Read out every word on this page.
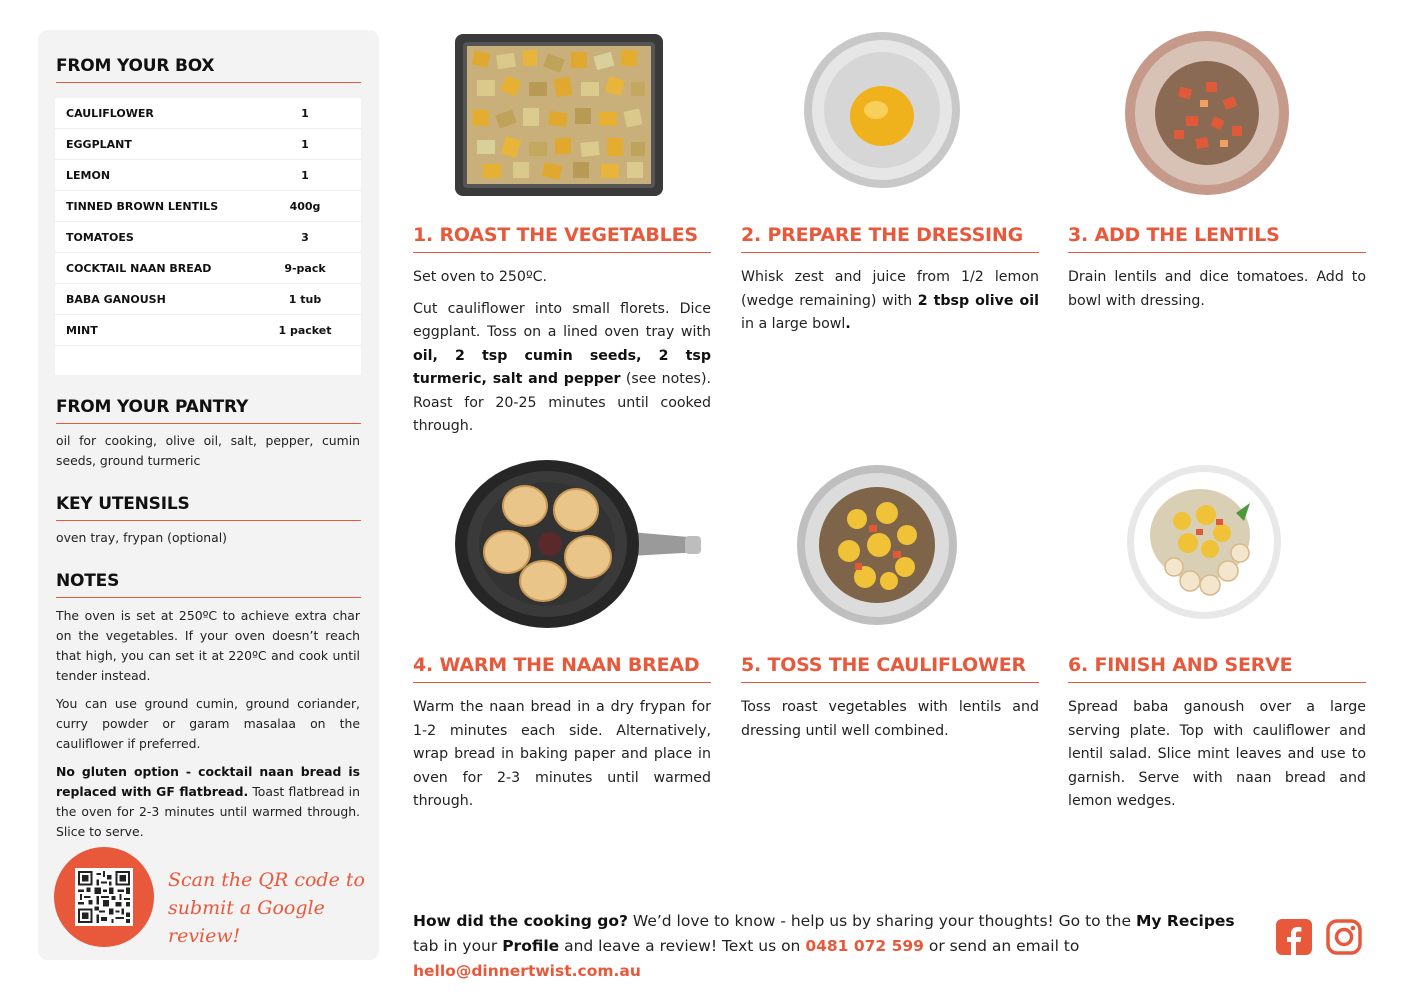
FROM YOUR BOX
CAULIFLOWER	1
EGGPLANT	1
LEMON	1
TINNED BROWN LENTILS	400g
TOMATOES	3
COCKTAIL NAAN BREAD	9-pack
BABA GANOUSH	1 tub
MINT	1 packet
FROM YOUR PANTRY
oil for cooking, olive oil, salt, pepper, cumin seeds, ground turmeric
KEY UTENSILS
oven tray, frypan (optional)
NOTES

The oven is set at 250ºC to achieve extra char on the vegetables. If your oven doesn’t reach that high, you can set it at 220ºC and cook until tender instead.

You can use ground cumin, ground coriander, curry powder or garam masalaa on the cauliflower if preferred.

No gluten option - cocktail naan bread is replaced with GF flatbread. Toast flatbread in the oven for 2-3 minutes until warmed through. Slice to serve.

Scan the QR code to
submit a Google review!
1. ROAST THE VEGETABLES

Set oven to 250ºC.

Cut cauliflower into small florets. Dice eggplant. Toss on a lined oven tray with oil, 2 tsp cumin seeds, 2 tsp turmeric, salt and pepper (see notes). Roast for 20-25 minutes until cooked through.

2. PREPARE THE DRESSING

Whisk zest and juice from 1/2 lemon (wedge remaining) with 2 tbsp olive oil in a large bowl.

3. ADD THE LENTILS

Drain lentils and dice tomatoes. Add to bowl with dressing.

4. WARM THE NAAN BREAD

Warm the naan bread in a dry frypan for 1-2 minutes each side. Alternatively, wrap bread in baking paper and place in oven for 2-3 minutes until warmed through.

5. TOSS THE CAULIFLOWER

Toss roast vegetables with lentils and dressing until well combined.

6. FINISH AND SERVE

Spread baba ganoush over a large serving plate. Top with cauliflower and lentil salad. Slice mint leaves and use to garnish. Serve with naan bread and lemon wedges.

How did the cooking go? We’d love to know - help us by sharing your thoughts! Go to the My Recipes tab in your Profile and leave a review! Text us on 0481 072 599 or send an email to hello@dinnertwist.com.au
